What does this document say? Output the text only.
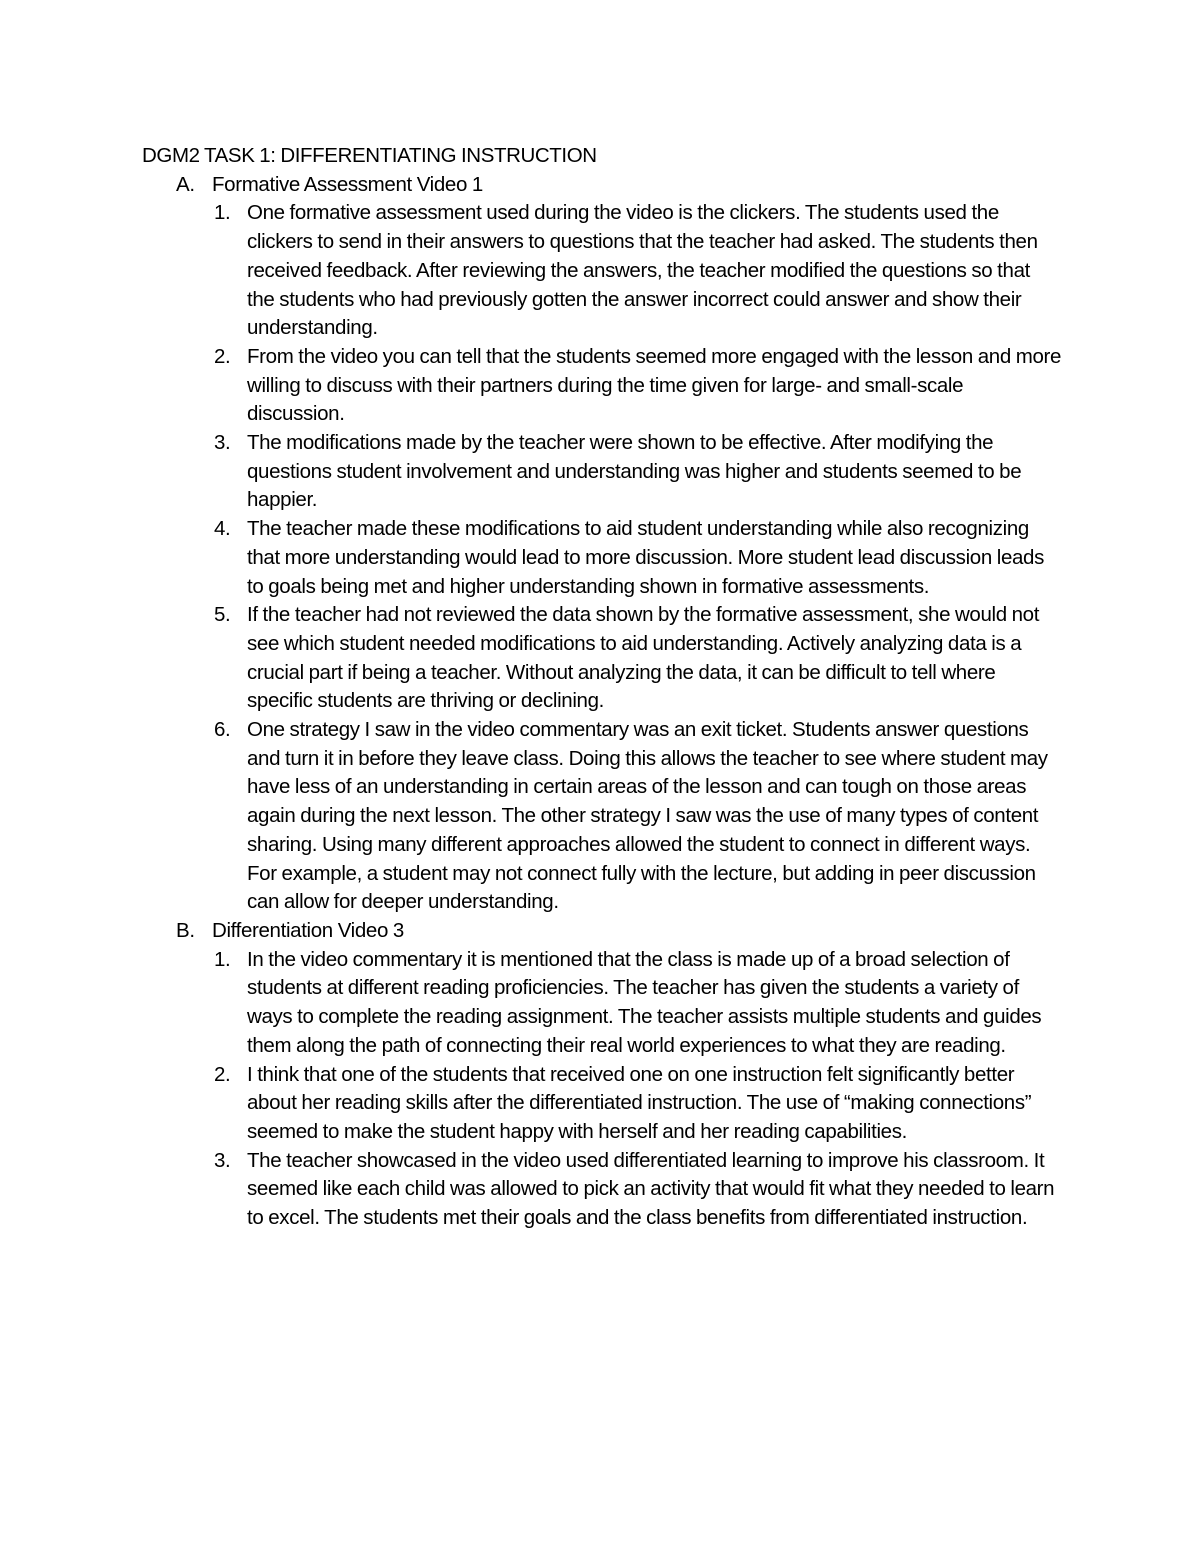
DGM2 TASK 1: DIFFERENTIATING INSTRUCTION
A. Formative Assessment Video 1
1. One formative assessment used during the video is the clickers. The students used the clickers to send in their answers to questions that the teacher had asked. The students then received feedback. After reviewing the answers, the teacher modified the questions so that the students who had previously gotten the answer incorrect could answer and show their understanding.
2. From the video you can tell that the students seemed more engaged with the lesson and more willing to discuss with their partners during the time given for large- and small-scale discussion.
3. The modifications made by the teacher were shown to be effective. After modifying the questions student involvement and understanding was higher and students seemed to be happier.
4. The teacher made these modifications to aid student understanding while also recognizing that more understanding would lead to more discussion. More student lead discussion leads to goals being met and higher understanding shown in formative assessments.
5. If the teacher had not reviewed the data shown by the formative assessment, she would not see which student needed modifications to aid understanding. Actively analyzing data is a crucial part if being a teacher. Without analyzing the data, it can be difficult to tell where specific students are thriving or declining.
6. One strategy I saw in the video commentary was an exit ticket. Students answer questions and turn it in before they leave class. Doing this allows the teacher to see where student may have less of an understanding in certain areas of the lesson and can tough on those areas again during the next lesson. The other strategy I saw was the use of many types of content sharing. Using many different approaches allowed the student to connect in different ways. For example, a student may not connect fully with the lecture, but adding in peer discussion can allow for deeper understanding.
B. Differentiation Video 3
1. In the video commentary it is mentioned that the class is made up of a broad selection of students at different reading proficiencies. The teacher has given the students a variety of ways to complete the reading assignment. The teacher assists multiple students and guides them along the path of connecting their real world experiences to what they are reading.
2. I think that one of the students that received one on one instruction felt significantly better about her reading skills after the differentiated instruction. The use of “making connections” seemed to make the student happy with herself and her reading capabilities.
3. The teacher showcased in the video used differentiated learning to improve his classroom. It seemed like each child was allowed to pick an activity that would fit what they needed to learn to excel. The students met their goals and the class benefits from differentiated instruction.
